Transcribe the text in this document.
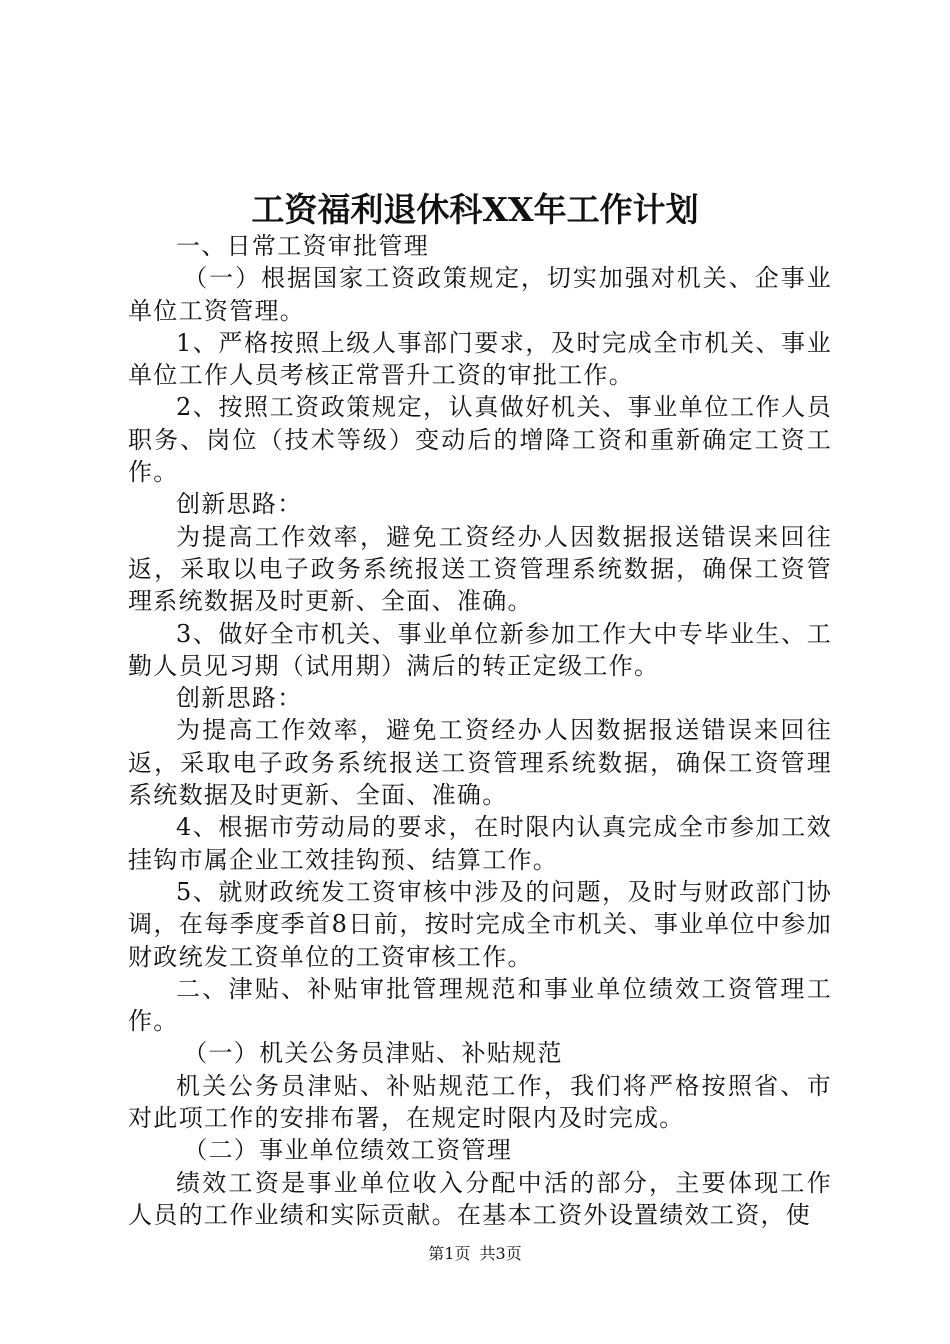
工资福利退休科XX年工作计划

一、日常工资审批管理

（一）根据国家工资政策规定，切实加强对机关、企事业单位工资管理。

1、严格按照上级人事部门要求，及时完成全市机关、事业单位工作人员考核正常晋升工资的审批工作。

2、按照工资政策规定，认真做好机关、事业单位工作人员职务、岗位（技术等级）变动后的增降工资和重新确定工资工作。

创新思路：

为提高工作效率，避免工资经办人因数据报送错误来回往返，采取以电子政务系统报送工资管理系统数据，确保工资管理系统数据及时更新、全面、准确。

3、做好全市机关、事业单位新参加工作大中专毕业生、工勤人员见习期（试用期）满后的转正定级工作。

创新思路：

为提高工作效率，避免工资经办人因数据报送错误来回往返，采取电子政务系统报送工资管理系统数据，确保工资管理系统数据及时更新、全面、准确。

4、根据市劳动局的要求，在时限内认真完成全市参加工效挂钩市属企业工效挂钩预、结算工作。

5、就财政统发工资审核中涉及的问题，及时与财政部门协调，在每季度季首8日前，按时完成全市机关、事业单位中参加财政统发工资单位的工资审核工作。

二、津贴、补贴审批管理规范和事业单位绩效工资管理工作。

（一）机关公务员津贴、补贴规范

机关公务员津贴、补贴规范工作，我们将严格按照省、市对此项工作的安排布署，在规定时限内及时完成。

（二）事业单位绩效工资管理

绩效工资是事业单位收入分配中活的部分，主要体现工作人员的工作业绩和实际贡献。在基本工资外设置绩效工资，使

第1页 共3页
